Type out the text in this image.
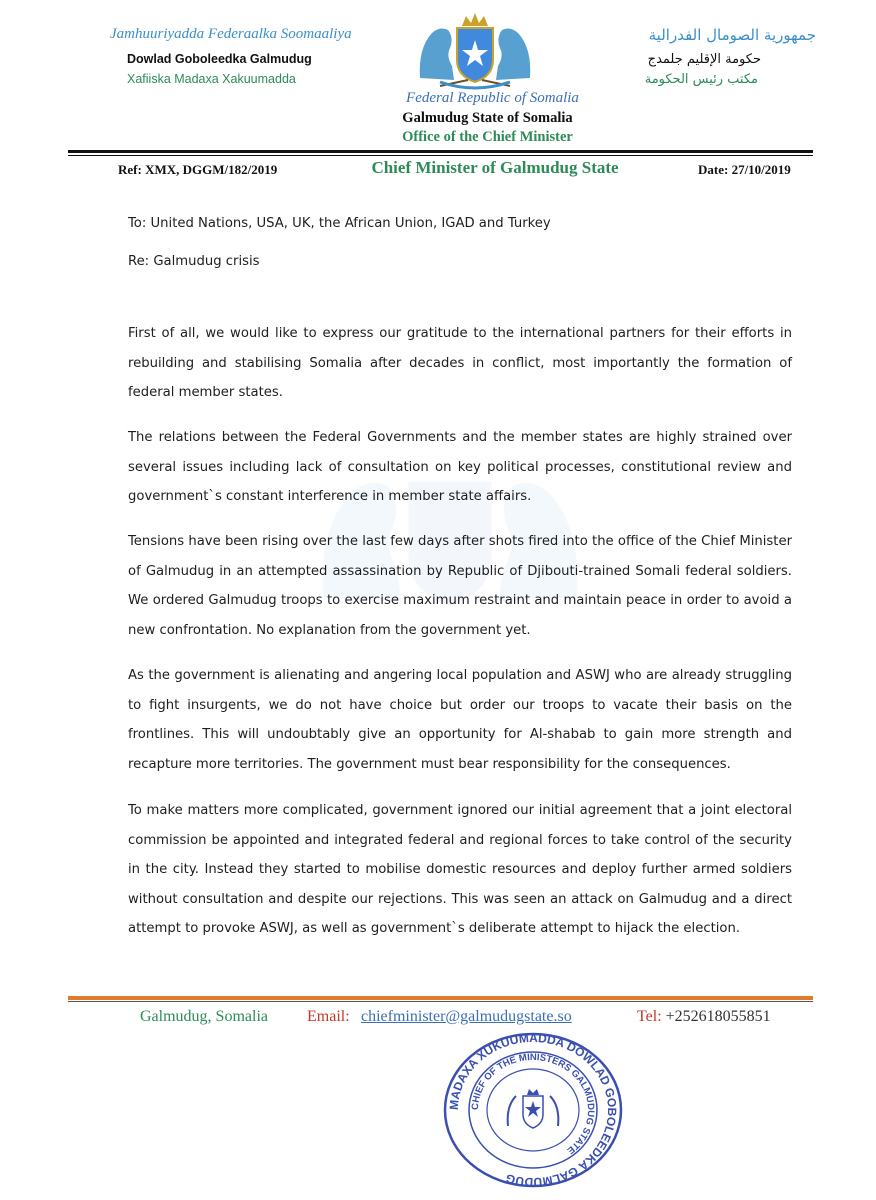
Jamhuuriyadda Federaalka Soomaaliya
Dowlad Goboleedka Galmudug
Xafiiska Madaxa Xakuumadda
جمهورية الصومال الفدرالية
حكومة الإقليم جلمدج
مكتب رئيس الحكومة
Federal Republic of Somalia
Galmudug State of Somalia
Office of the Chief Minister
Ref: XMX, DGGM/182/2019	Chief Minister of Galmudug State	Date: 27/10/2019
To: United Nations, USA, UK, the African Union, IGAD and Turkey
Re: Galmudug crisis

First of all, we would like to express our gratitude to the international partners for their efforts in rebuilding and stabilising Somalia after decades in conflict, most importantly the formation of federal member states.

The relations between the Federal Governments and the member states are highly strained over several issues including lack of consultation on key political processes, constitutional review and government`s constant interference in member state affairs.

Tensions have been rising over the last few days after shots fired into the office of the Chief Minister of Galmudug in an attempted assassination by Republic of Djibouti-trained Somali federal soldiers. We ordered Galmudug troops to exercise maximum restraint and maintain peace in order to avoid a new confrontation. No explanation from the government yet.

As the government is alienating and angering local population and ASWJ who are already struggling to fight insurgents, we do not have choice but order our troops to vacate their basis on the frontlines. This will undoubtably give an opportunity for Al-shabab to gain more strength and recapture more territories. The government must bear responsibility for the consequences.

To make matters more complicated, government ignored our initial agreement that a joint electoral commission be appointed and integrated federal and regional forces to take control of the security in the city. Instead they started to mobilise domestic resources and deploy further armed soldiers without consultation and despite our rejections. This was seen an attack on Galmudug and a direct attempt to provoke ASWJ, as well as government`s deliberate attempt to hijack the election.

Galmudug, Somalia Email: chiefminister@galmudugstate.so	Tel: +252618055851
MADAXA XUKUUMADDA DOWLAD GOBOLEEDKA GALMUDUG
CHIEF OF THE MINISTERS GALMUDUG STATE
